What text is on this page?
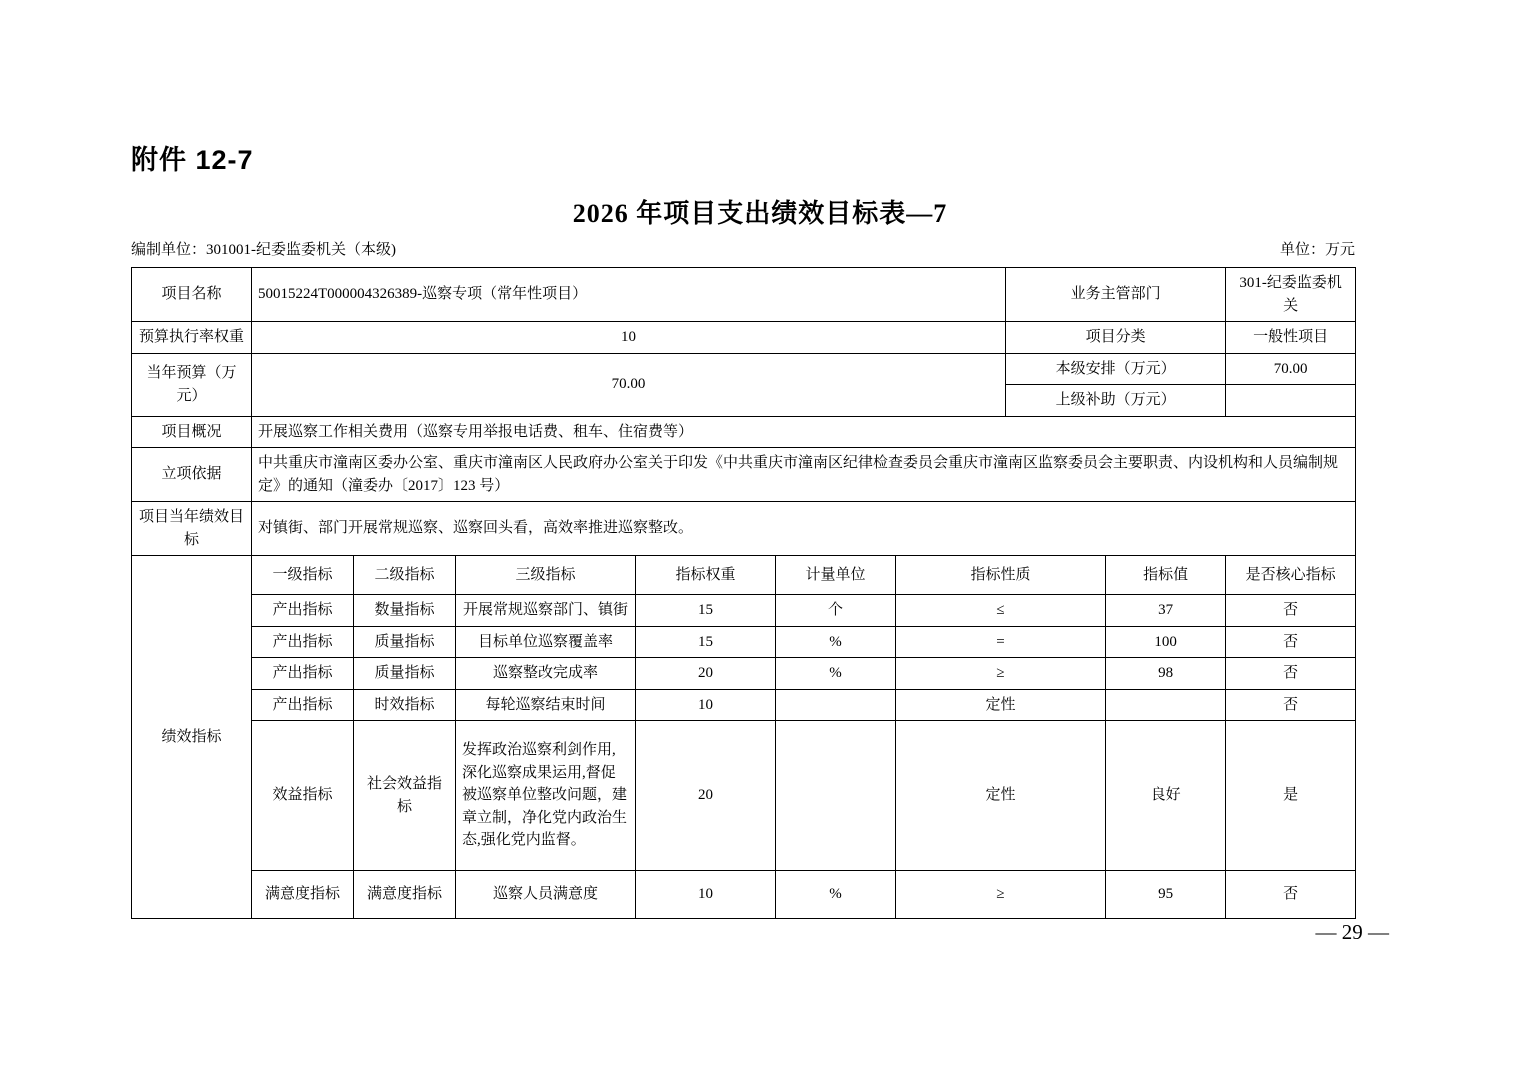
附件 12-7
2026 年项目支出绩效目标表—7
编制单位：301001-纪委监委机关（本级)	单位：万元
项目名称	50015224T000004326389-巡察专项（常年性项目）						业务主管部门		301-纪委监委机关
预算执行率权重	10						项目分类		一般性项目
当年预算（万元）	70.00						本级安排（万元）		70.00
							上级补助（万元）		
项目概况	开展巡察工作相关费用（巡察专用举报电话费、租车、住宿费等）								
立项依据	中共重庆市潼南区委办公室、重庆市潼南区人民政府办公室关于印发《中共重庆市潼南区纪律检查委员会重庆市潼南区监察委员会主要职责、内设机构和人员编制规定》的通知（潼委办〔2017〕123 号）								
项目当年绩效目标	对镇街、部门开展常规巡察、巡察回头看，高效率推进巡察整改。								
绩效指标	一级指标	二级指标	三级指标	指标权重	计量单位	指标性质		指标值	是否核心指标
	产出指标	数量指标	开展常规巡察部门、镇街	15	个	≤		37	否
	产出指标	质量指标	目标单位巡察覆盖率	15	%	=		100	否
	产出指标	质量指标	巡察整改完成率	20	%	≥		98	否
	产出指标	时效指标	每轮巡察结束时间	10		定性			否
	效益指标	社会效益指标	发挥政治巡察利剑作用,深化巡察成果运用,督促被巡察单位整改问题，建章立制，净化党内政治生态,强化党内监督。	20		定性		良好	是
	满意度指标	满意度指标	巡察人员满意度	10	%	≥		95	否
— 29 —
